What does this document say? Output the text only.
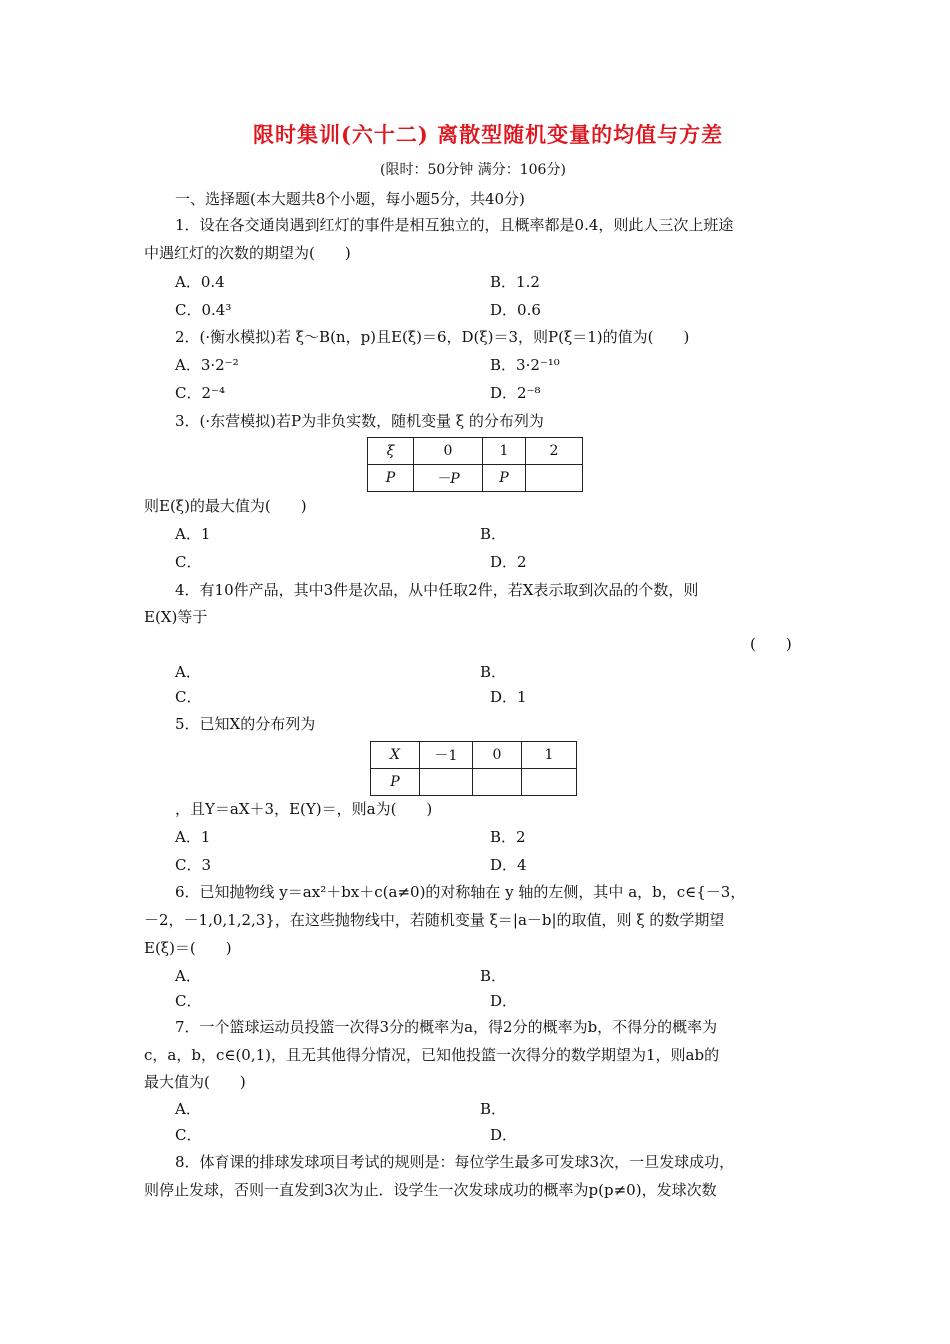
限时集训(六十二) 离散型随机变量的均值与方差
(限时：50分钟 满分：106分)
一、选择题(本大题共8个小题，每小题5分，共40分)
1．设在各交通岗遇到红灯的事件是相互独立的，且概率都是0.4，则此人三次上班途
中遇红灯的次数的期望为(　　)
A．0.4	B．1.2
C．0.4³	D．0.6
2．(·衡水模拟)若 ξ～B(n，p)且E(ξ)＝6，D(ξ)＝3，则P(ξ＝1)的值为(　　)
A．3·2⁻²	B．3·2⁻¹⁰
C．2⁻⁴	D．2⁻⁸
3．(·东营模拟)若P为非负实数，随机变量 ξ 的分布列为
ξ	0	1	2
P	－P	P	
则E(ξ)的最大值为(　　)
A．1	B．
C．	D．2
4．有10件产品，其中3件是次品，从中任取2件，若X表示取到次品的个数，则
E(X)等于
(　　)
A．	B．
C．	D．1
5．已知X的分布列为
X	－1	0	1
P			
，且Y＝aX＋3，E(Y)＝，则a为(　　)
A．1	B．2
C．3	D．4
6．已知抛物线 y＝ax²＋bx＋c(a≠0)的对称轴在 y 轴的左侧，其中 a，b，c∈{－3，
－2，－1,0,1,2,3}，在这些抛物线中，若随机变量 ξ＝|a－b|的取值，则 ξ 的数学期望
E(ξ)＝(　　)
A．	B．
C．	D．
7．一个篮球运动员投篮一次得3分的概率为a，得2分的概率为b，不得分的概率为
c，a，b，c∈(0,1)，且无其他得分情况，已知他投篮一次得分的数学期望为1，则ab的
最大值为(　　)
A．	B．
C．	D．
8．体育课的排球发球项目考试的规则是：每位学生最多可发球3次，一旦发球成功，
则停止发球，否则一直发到3次为止．设学生一次发球成功的概率为p(p≠0)，发球次数
